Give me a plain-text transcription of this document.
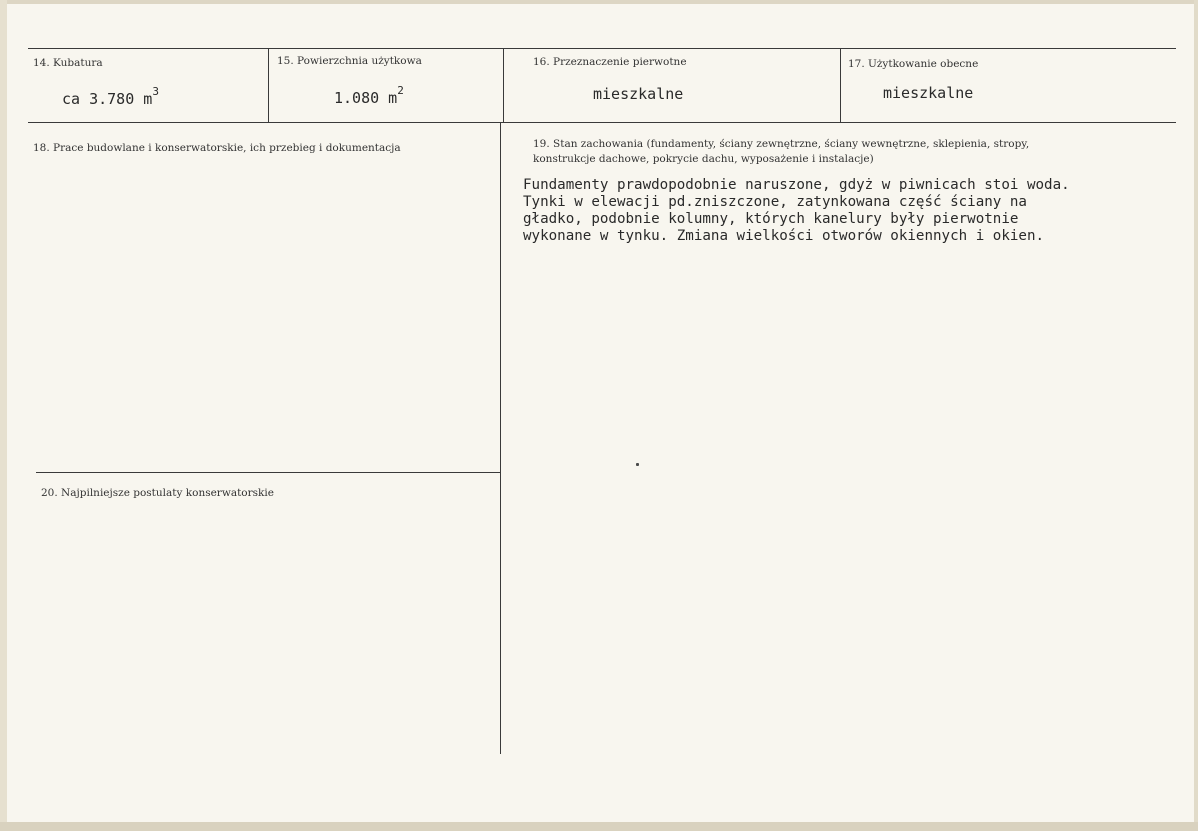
14. Kubatura
ca 3.780 $m^3$
15. Powierzchnia użytkowa
1.080 $m^2$
16. Przeznaczenie pierwotne
mieszkalne
17. Użytkowanie obecne
mieszkalne
18. Prace budowlane i konserwatorskie, ich przebieg i dokumentacja	19. Stan zachowania (fundamenty, ściany zewnętrzne, ściany wewnętrzne, sklepienia, stropy,
konstrukcje dachowe, pokrycie dachu, wyposażenie i instalacje)
Fundamenty prawdopodobnie naruszone, gdyż w piwnicach stoi woda.
Tynki w elewacji pd.zniszczone, zatynkowana część ściany na
gładko, podobnie kolumny, których kanelury były pierwotnie
wykonane w tynku. Zmiana wielkości otworów okiennych i okien.
20. Najpilniejsze postulaty konserwatorskie
